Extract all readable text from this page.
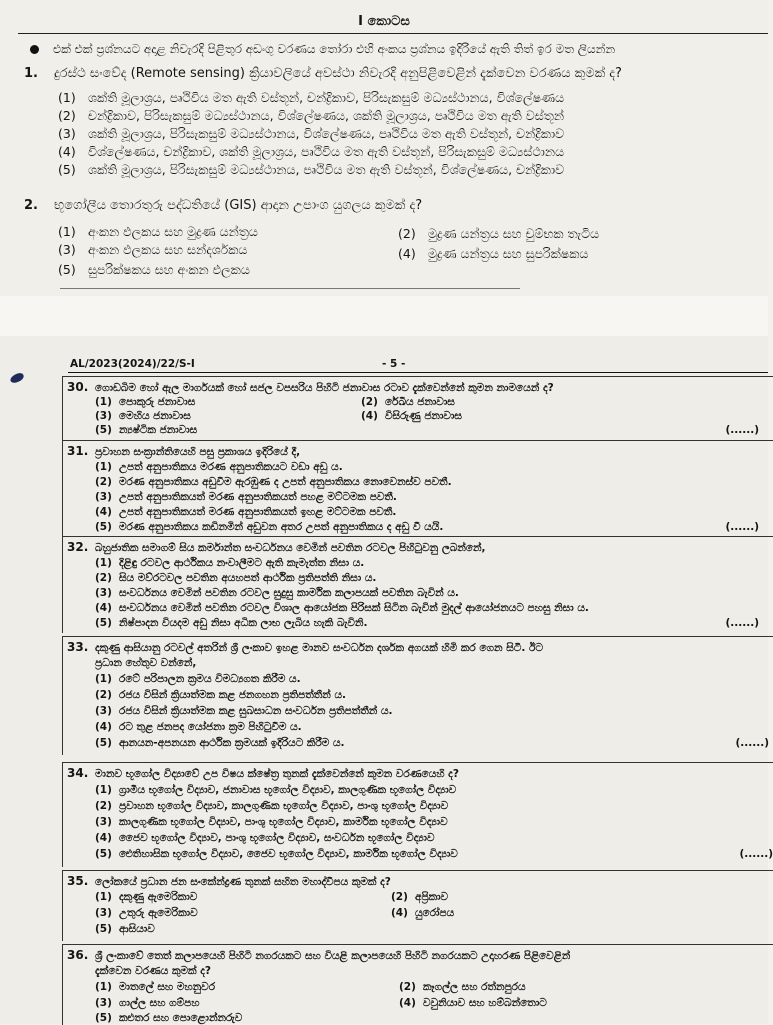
I කොටස
එක් එක් ප්‍රශ්නයට අදාළ නිවැරදි පිළිතුර අඩංගු වරණය තෝරා එහි අංකය ප්‍රශ්නය ඉදිරියේ ඇති තිත් ඉර මත ලියන්න
1. දුරස්ථ සංවේද (Remote sensing) ක්‍රියාවලියේ අවස්ථා නිවැරදි අනුපිළිවෙළින් දැක්වෙන වරණය කුමක් ද?
(1) ශක්ති මූලාශ්‍රය, පෘථිවිය මත ඇති වස්තූන්, චන්ද්‍රිකාව, පිරිසැකසුම් මධ්‍යස්ථානය, විශ්ලේෂණය
(2) චන්ද්‍රිකාව, පිරිසැකසුම් මධ්‍යස්ථානය, විශ්ලේෂණය, ශක්ති මූලාශ්‍රය, පෘථිවිය මත ඇති වස්තූන්
(3) ශක්ති මූලාශ්‍රය, පිරිසැකසුම් මධ්‍යස්ථානය, විශ්ලේෂණය, පෘථිවිය මත ඇති වස්තූන්, චන්ද්‍රිකාව
(4) විශ්ලේෂණය, චන්ද්‍රිකාව, ශක්ති මූලාශ්‍රය, පෘථිවිය මත ඇති වස්තූන්, පිරිසැකසුම් මධ්‍යස්ථානය
(5) ශක්ති මූලාශ්‍රය, පිරිසැකසුම් මධ්‍යස්ථානය, පෘථිවිය මත ඇති වස්තූන්, විශ්ලේෂණය, චන්ද්‍රිකාව
2. භූගෝලීය තොරතුරු පද්ධතියේ (GIS) ආදාන උපාංග යුගලය කුමක් ද?
(1) අංකන ඵලකය සහ මුද්‍රණ යන්ත්‍රය	(2) මුද්‍රණ යන්ත්‍රය සහ චුම්භක තැටිය
(3) අංකන ඵලකය සහ සන්දර්ශකය	(4) මුද්‍රණ යන්ත්‍රය සහ සුපරික්ෂකය
(5) සුපරික්ෂකය සහ අංකන ඵලකය
AL/2023(2024)/22/S-I	- 5 -
30. ගොඩබිම හෝ ඇල මාර්ගයක් හෝ සජල වපසරිය පිහිටි ජනාවාස රටාව දැක්වෙන්නේ කුමන නාමයෙන් ද?
(1) පොකුරු ජනාවාස	(2) රේඛීය ජනාවාස
(3) මෙහිය ජනාවාස	(4) විසිරුණු ජනාවාස
(5) න්‍යෂ්ටික ජනාවාස	(......)
31. ප්‍රවාහන සංක්‍රාන්තියෙහි පසු ප්‍රකාශය ඉදිරියේ දී,
(1) උපත් අනුපාතිකය මරණ අනුපාතිකයට වඩා අඩු ය.
(2) මරණ අනුපාතිකය අඩුවීම ඇරඹුණ ද උපත් අනුපාතිකය නොවෙනස්ව පවතී.
(3) උපත් අනුපාතිකයත් මරණ අනුපාතිකයත් පහළ මට්ටමක පවතී.
(4) උපත් අනුපාතිකයත් මරණ අනුපාතිකයත් ඉහළ මට්ටමක පවතී.
(5) මරණ අනුපාතිකය කඩිනමින් අඩුවන අතර උපත් අනුපාතිකය ද අඩු වී යයි.	(......)
32. බහුජාතික සමාගම් සිය කර්මාන්ත සංවර්ධනය වෙමින් පවතින රටවල පිහිටුවනු ලබන්නේ,
(1) දිළිඳු රටවල ආර්ථිකය නංවාලීමට ඇති කැමැත්ත නිසා ය.
(2) සිය මව්රටවල පවතින අයහපත් ආර්ථික ප්‍රතිපත්ති නිසා ය.
(3) සංවර්ධනය වෙමින් පවතින රටවල සුදුසු කාර්මික කලාපයක් පවතින බැවින් ය.
(4) සංවර්ධනය වෙමින් පවතින රටවල විශාල ආයෝජක පිරිසක් සිටින බැවින් මුදල් ආයෝජනයට පහසු නිසා ය.
(5) නිෂ්පාදන වියදම අඩු නිසා අධික ලාභ ලැබිය හැකි බැවිනි.	(......)
33. දකුණු ආසියානු රටවල් අතරින් ශ්‍රී ලංකාව ඉහළ මානව සංවර්ධන දර්ශක අගයක් හිමි කර ගෙන සිටී. ඊට
ප්‍රධාන හේතුව වන්නේ,
(1) රටේ පරිපාලන ක්‍රමය විමධ්‍යගත කිරීම ය.
(2) රජය විසින් ක්‍රියාත්මක කළ ජනගහන ප්‍රතිපත්තීන් ය.
(3) රජය විසින් ක්‍රියාත්මක කළ සුබසාධන සංවර්ධන ප්‍රතිපත්තීන් ය.
(4) රට තුළ ජනපද යෝජනා ක්‍රම පිහිටුවීම ය.
(5) ආනයන-අපනයන ආර්ථික ක්‍රමයක් ඉදිරියට කිරීම ය.	(......)
34. මානව භූගෝල විද්‍යාවේ උප විෂය ක්ෂේත්‍ර තුනක් දැක්වෙන්නේ කුමන වරණයෙහි ද?
(1) ග්‍රාමීය භූගෝල විද්‍යාව, ජනාවාස භූගෝල විද්‍යාව, කාලගුණික භූගෝල විද්‍යාව
(2) ප්‍රවාහන භූගෝල විද්‍යාව, කාලගුණික භූගෝල විද්‍යාව, පාංශු භූගෝල විද්‍යාව
(3) කාලගුණික භූගෝල විද්‍යාව, පාංශු භූගෝල විද්‍යාව, කාර්මික භූගෝල විද්‍යාව
(4) ජෛව භූගෝල විද්‍යාව, පාංශු භූගෝල විද්‍යාව, සංවර්ධන භූගෝල විද්‍යාව
(5) ඓතිහාසික භූගෝල විද්‍යාව, ජෛව භූගෝල විද්‍යාව, කාර්මික භූගෝල විද්‍යාව	(......)
35. ලෝකයේ ප්‍රධාන ජන සංකේන්ද්‍රණ තුනක් සහිත මහාද්වීපය කුමක් ද?
(1) දකුණු ඇමෙරිකාව	(2) අප්‍රිකාව
(3) උතුරු ඇමෙරිකාව	(4) යුරෝපය
(5) ආසියාව
36. ශ්‍රී ලංකාවේ තෙත් කලාපයෙහි පිහිටි නගරයකට සහ වියළි කලාපයෙහි පිහිටි නගරයකට උදාහරණ පිළිවෙළින්
දැක්වෙන වරණය කුමක් ද?
(1) මාතලේ සහ මහනුවර	(2) කෑගල්ල සහ රත්නපුරය
(3) ගාල්ල සහ ගම්පහ	(4) වවුනියාව සහ හම්බන්තොට
(5) කළුතර සහ පොළොන්නරුව
